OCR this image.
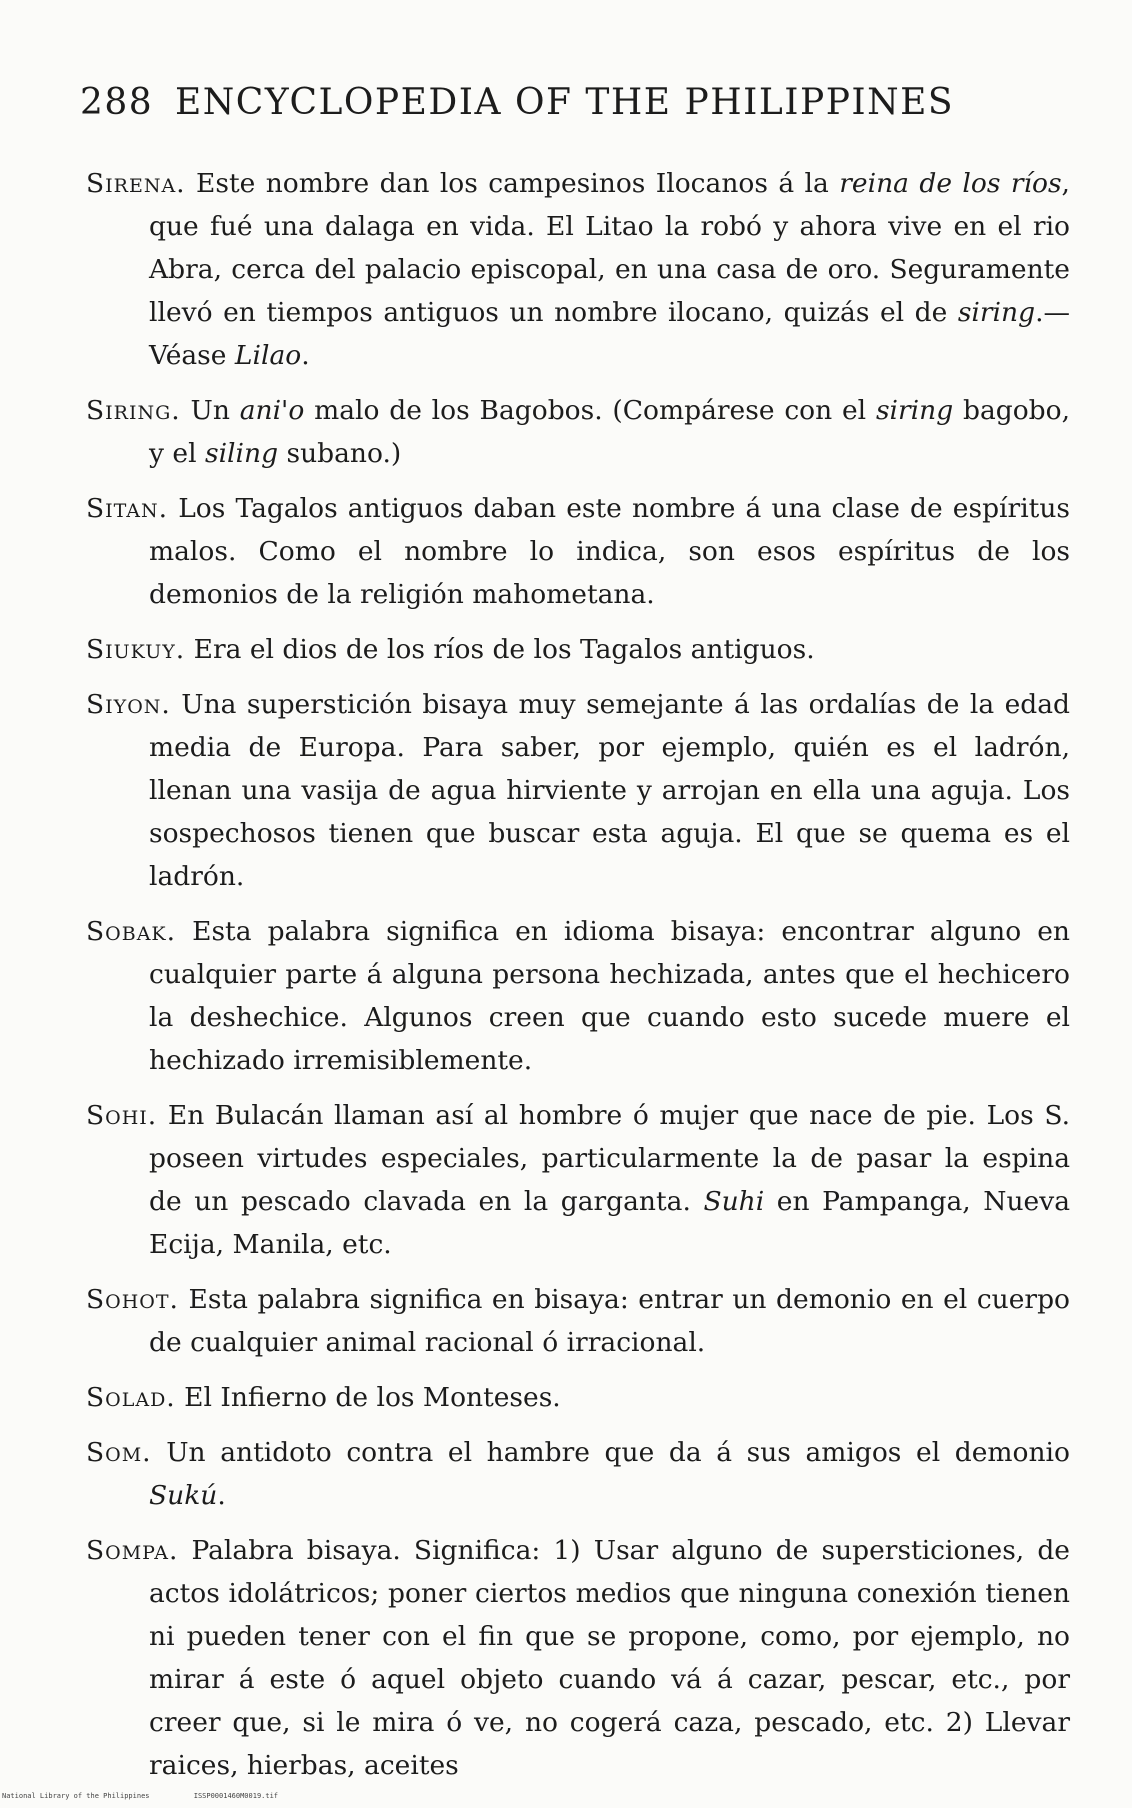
288 ENCYCLOPEDIA OF THE PHILIPPINES

Sirena. Este nombre dan los campesinos Ilocanos á la reina de los ríos, que fué una dalaga en vida. El Litao la robó y ahora vive en el rio Abra, cerca del palacio episcopal, en una casa de oro. Seguramente llevó en tiempos antiguos un nombre ilocano, quizás el de siring.—Véase Lilao.

Siring. Un ani'o malo de los Bagobos. (Compárese con el siring bagobo, y el siling subano.)

Sitan. Los Tagalos antiguos daban este nombre á una clase de espíritus malos. Como el nombre lo indica, son esos espíritus de los demonios de la religión mahometana.

Siukuy. Era el dios de los ríos de los Tagalos antiguos.

Siyon. Una superstición bisaya muy semejante á las ordalías de la edad media de Europa. Para saber, por ejemplo, quién es el ladrón, llenan una vasija de agua hirviente y arrojan en ella una aguja. Los sospechosos tienen que buscar esta aguja. El que se quema es el ladrón.

Sobak. Esta palabra significa en idioma bisaya: encontrar alguno en cualquier parte á alguna persona hechizada, antes que el hechicero la deshechice. Algunos creen que cuando esto sucede muere el hechizado irremisiblemente.

Sohi. En Bulacán llaman así al hombre ó mujer que nace de pie. Los S. poseen virtudes especiales, particularmente la de pasar la espina de un pescado clavada en la garganta. Suhi en Pampanga, Nueva Ecija, Manila, etc.

Sohot. Esta palabra significa en bisaya: entrar un demonio en el cuerpo de cualquier animal racional ó irracional.

Solad. El Infierno de los Monteses.

Som. Un antidoto contra el hambre que da á sus amigos el demonio Sukú.

Sompa. Palabra bisaya. Significa: 1) Usar alguno de supersticiones, de actos idolátricos; poner ciertos medios que ninguna conexión tienen ni pueden tener con el fin que se propone, como, por ejemplo, no mirar á este ó aquel objeto cuando vá á cazar, pescar, etc., por creer que, si le mira ó ve, no cogerá caza, pescado, etc. 2) Llevar raices, hierbas, aceites

National Library of the Philippines	ISSP0001460M0019.tif
